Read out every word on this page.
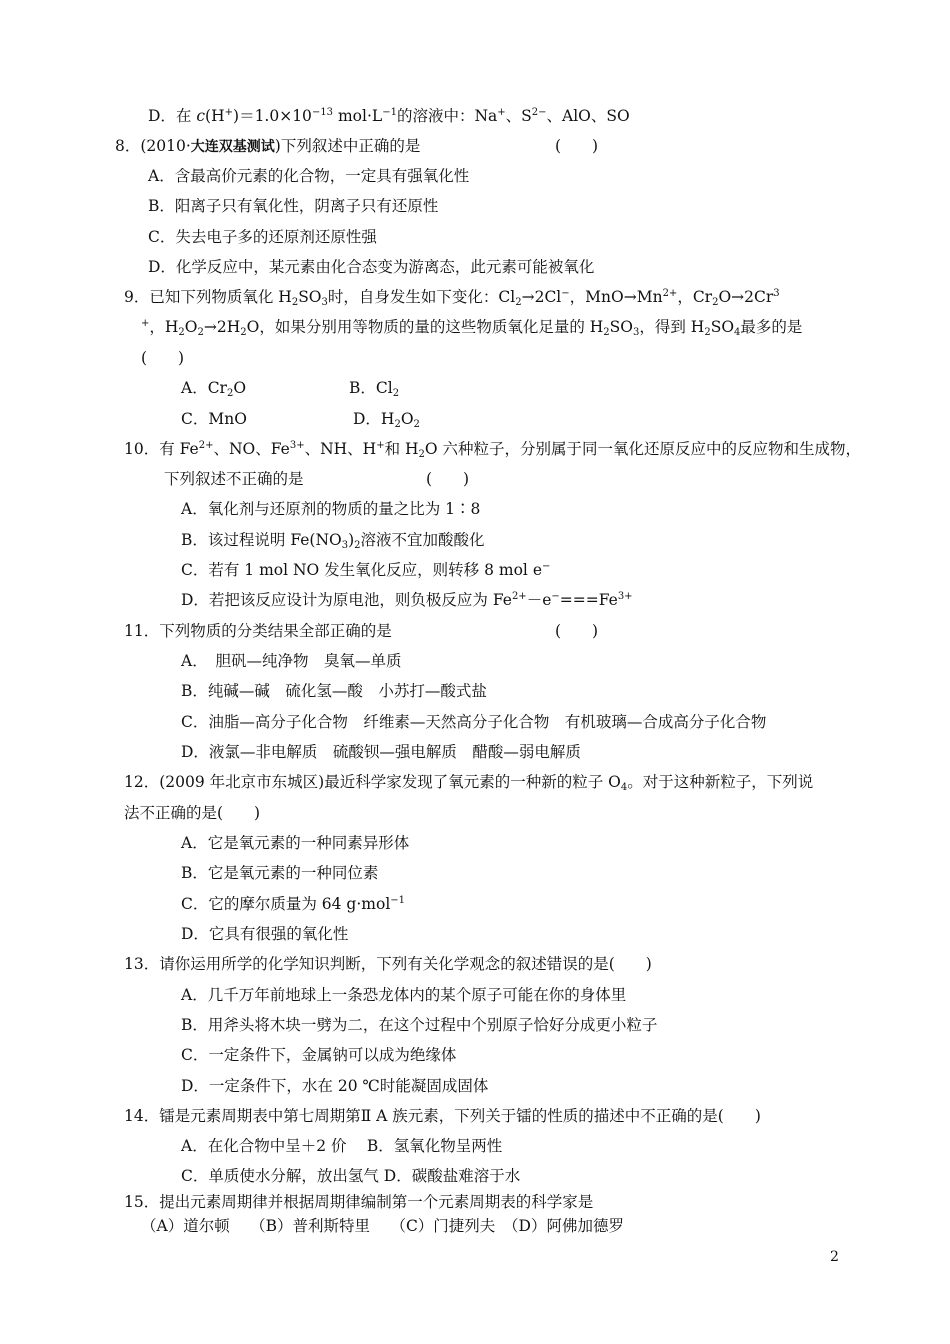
D．在 $c(H^+)=1.0\times 10^{-13}$ $mol\cdot L^{-1}$的溶液中：Na+、$S^{2-}$、AlO、SO
8．(2010·大连双基测试)下列叙述中正确的是	(　　)
A．含最高价元素的化合物，一定具有强氧化性
B．阳离子只有氧化性，阴离子只有还原性
C．失去电子多的还原剂还原性强
D．化学反应中，某元素由化合态变为游离态，此元素可能被氧化
9．已知下列物质氧化 $H_2SO_3$时，自身发生如下变化：$Cl_2\to 2Cl^-$，$MnO\to Mn^{2+}$，$Cr_2O\to 2Cr^3$
+，$H_2O_2\to 2H_2O$，如果分别用等物质的量的这些物质氧化足量的 $H_2SO_3$，得到 $H_2SO_4$最多的是
(　　)
A．$Cr_2O$	B．$Cl_2$
C．MnO	D．$H_2O_2$
10．有 $Fe^{2+}$、NO、$Fe^{3+}$、NH、H+和 $H_2O$ 六种粒子，分别属于同一氧化还原反应中的反应物和生成物，
下列叙述不正确的是	(　　)
A．氧化剂与还原剂的物质的量之比为 1∶8
B．该过程说明 $Fe(NO_3)_2$溶液不宜加酸酸化
C．若有 1 mol NO 发生氧化反应，则转移 8 mol e−
D．若把该反应设计为原电池，则负极反应为 $Fe^{2+}-e^-===Fe^{3+}$
11．下列物质的分类结果全部正确的是	(　　)
A．　胆矾—纯净物　臭氧—单质
B．纯碱—碱　硫化氢—酸　小苏打—酸式盐
C．油脂—高分子化合物　纤维素—天然高分子化合物　有机玻璃—合成高分子化合物
D．液氯—非电解质　硫酸钡—强电解质　醋酸—弱电解质
12．(2009 年北京市东城区)最近科学家发现了氧元素的一种新的粒子 $O_4$。对于这种新粒子，下列说
法不正确的是(　　)
A．它是氧元素的一种同素异形体
B．它是氧元素的一种同位素
C．它的摩尔质量为 64 g·mol$^{-1}$
D．它具有很强的氧化性
13．请你运用所学的化学知识判断，下列有关化学观念的叙述错误的是(　　)
A．几千万年前地球上一条恐龙体内的某个原子可能在你的身体里
B．用斧头将木块一劈为二，在这个过程中个别原子恰好分成更小粒子
C．一定条件下，金属钠可以成为绝缘体
D．一定条件下，水在 20 ℃时能凝固成固体
14．镭是元素周期表中第七周期第Ⅱ A 族元素，下列关于镭的性质的描述中不正确的是(　　)
A．在化合物中呈＋2 价　 B．氢氧化物呈两性
C．单质使水分解，放出氢气 D．碳酸盐难溶于水
15．提出元素周期律并根据周期律编制第一个元素周期表的科学家是
（A）道尔顿　 （B）普利斯特里　 （C）门捷列夫　（D）阿佛加德罗
2
